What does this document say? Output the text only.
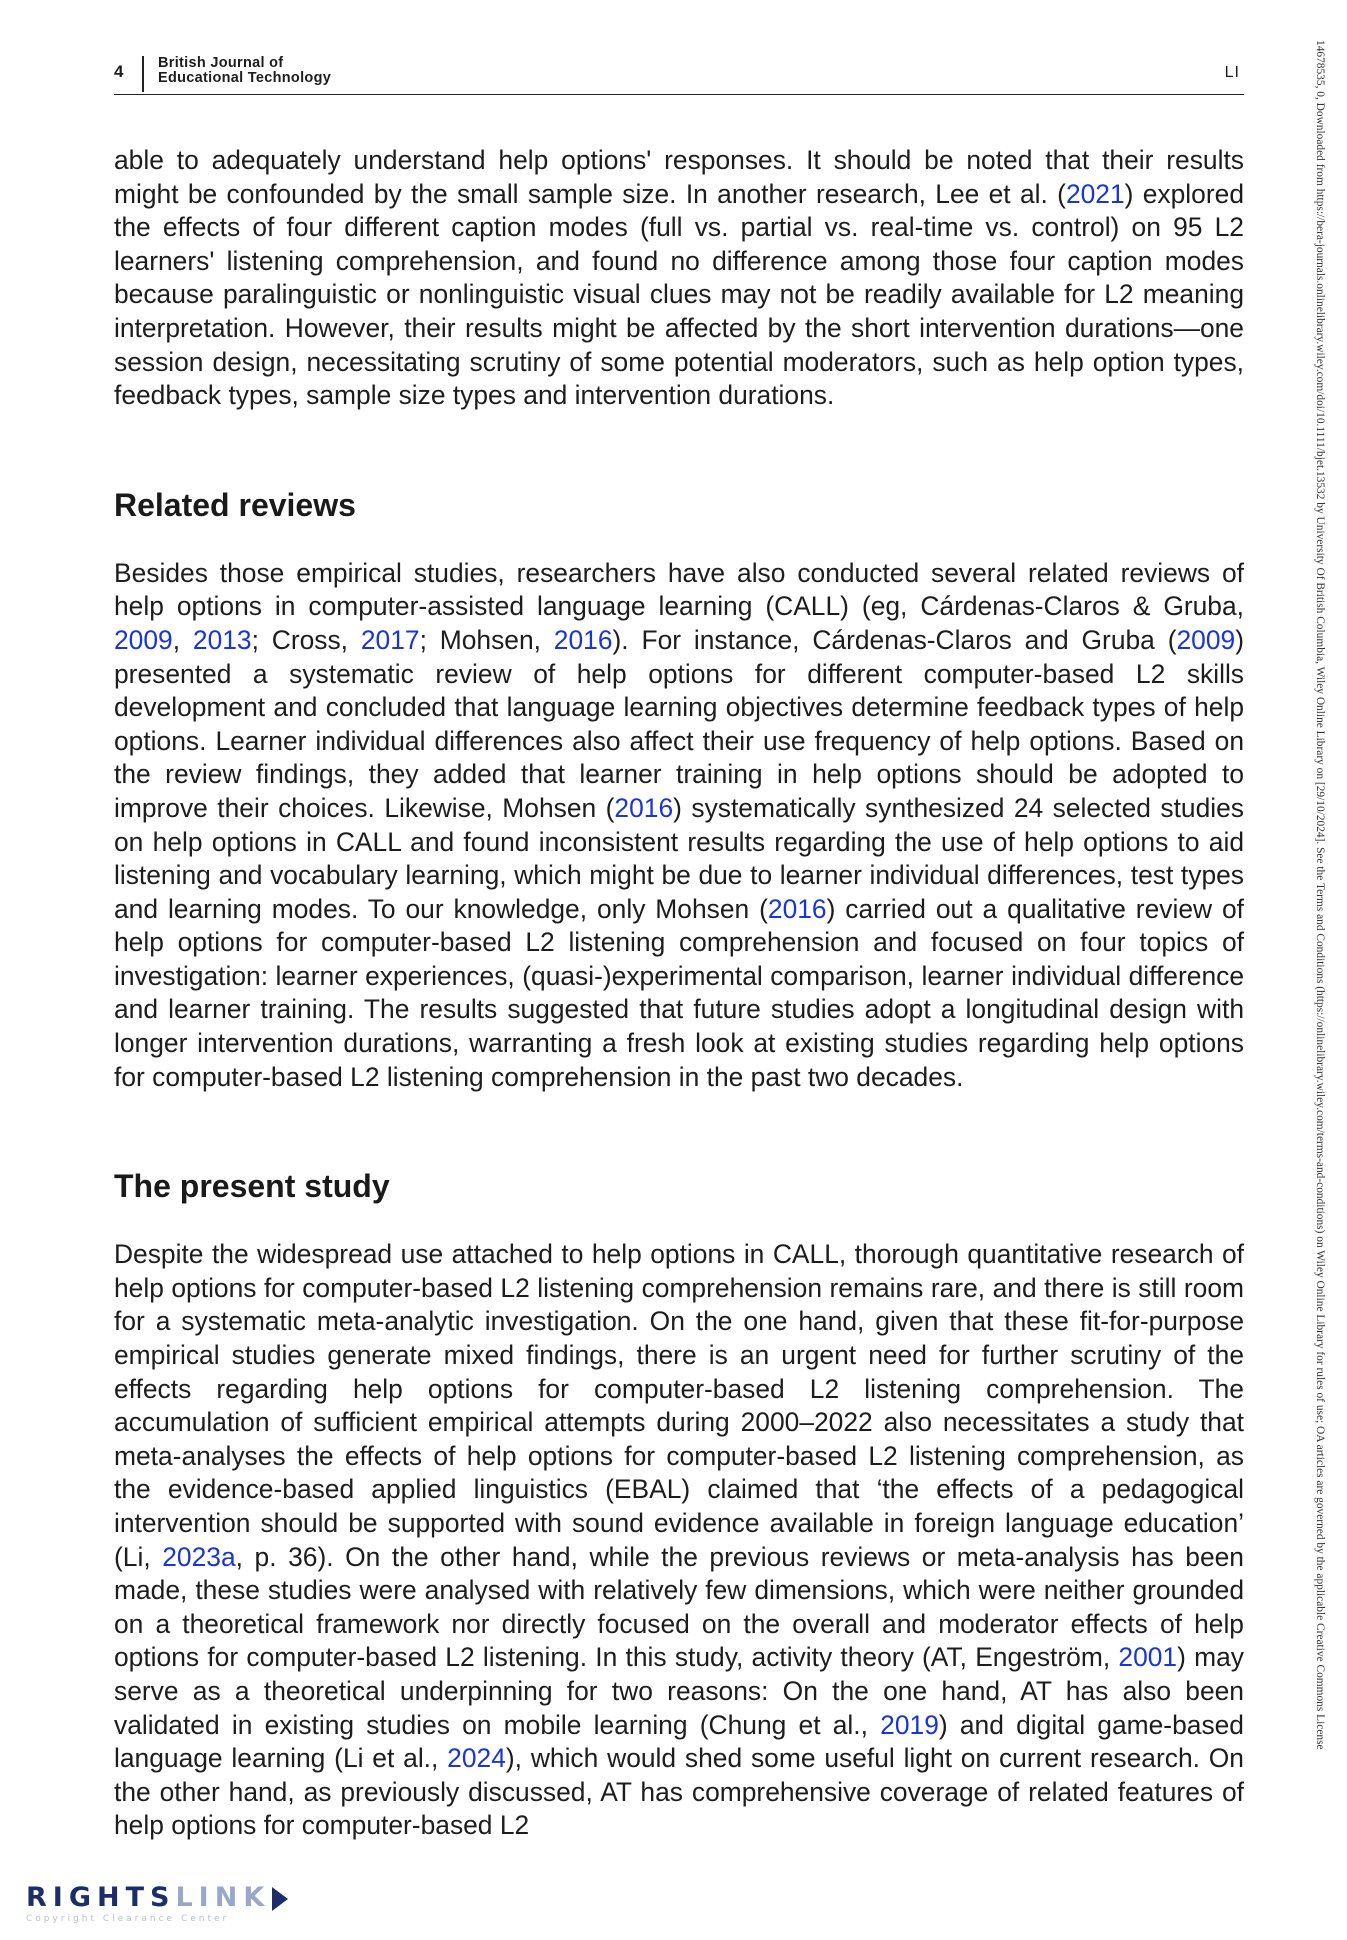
4 British Journal of
Educational Technology	LI

able to adequately understand help options' responses. It should be noted that their results might be confounded by the small sample size. In another research, Lee et al. (2021) explored the effects of four different caption modes (full vs. partial vs. real-time vs. control) on 95 L2 learners' listening comprehension, and found no difference among those four caption modes because paralinguistic or nonlinguistic visual clues may not be readily available for L2 meaning interpretation. However, their results might be affected by the short intervention durations—one session design, necessitating scrutiny of some potential moderators, such as help option types, feedback types, sample size types and intervention durations.

Related reviews

Besides those empirical studies, researchers have also conducted several related reviews of help options in computer-assisted language learning (CALL) (eg, Cárdenas-Claros & Gruba, 2009, 2013; Cross, 2017; Mohsen, 2016). For instance, Cárdenas-Claros and Gruba (2009) presented a systematic review of help options for different computer-based L2 skills development and concluded that language learning objectives determine feedback types of help options. Learner individual differences also affect their use frequency of help options. Based on the review findings, they added that learner training in help options should be adopted to improve their choices. Likewise, Mohsen (2016) systematically synthesized 24 selected studies on help options in CALL and found inconsistent results regarding the use of help options to aid listening and vocabulary learning, which might be due to learner individual differences, test types and learning modes. To our knowledge, only Mohsen (2016) carried out a qualitative review of help options for computer-based L2 listening comprehension and focused on four topics of investigation: learner experiences, (quasi-)experimental comparison, learner individual difference and learner training. The results suggested that future studies adopt a longitudinal design with longer intervention durations, warranting a fresh look at existing studies regarding help options for computer-based L2 listening comprehension in the past two decades.

The present study

Despite the widespread use attached to help options in CALL, thorough quantitative research of help options for computer-based L2 listening comprehension remains rare, and there is still room for a systematic meta-analytic investigation. On the one hand, given that these fit-for-purpose empirical studies generate mixed findings, there is an urgent need for further scrutiny of the effects regarding help options for computer-based L2 listening comprehension. The accumulation of sufficient empirical attempts during 2000–2022 also necessitates a study that meta-analyses the effects of help options for computer-based L2 listening comprehension, as the evidence-based applied linguistics (EBAL) claimed that ‘the effects of a pedagogical intervention should be supported with sound evidence available in foreign language education’ (Li, 2023a, p. 36). On the other hand, while the previous reviews or meta-analysis has been made, these studies were analysed with relatively few dimensions, which were neither grounded on a theoretical framework nor directly focused on the overall and moderator effects of help options for computer-based L2 listening. In this study, activity theory (AT, Engeström, 2001) may serve as a theoretical underpinning for two reasons: On the one hand, AT has also been validated in existing studies on mobile learning (Chung et al., 2019) and digital game-based language learning (Li et al., 2024), which would shed some useful light on current research. On the other hand, as previously discussed, AT has comprehensive coverage of related features of help options for computer-based L2

14678535, 0, Downloaded from https://bera-journals.onlinelibrary.wiley.com/doi/10.1111/bjet.13532 by University Of British Columbia, Wiley Online Library on [29/10/2024]. See the Terms and Conditions (https://onlinelibrary.wiley.com/terms-and-conditions) on Wiley Online Library for rules of use; OA articles are governed by the applicable Creative Commons License
RIGHTSLINK
Copyright Clearance Center
